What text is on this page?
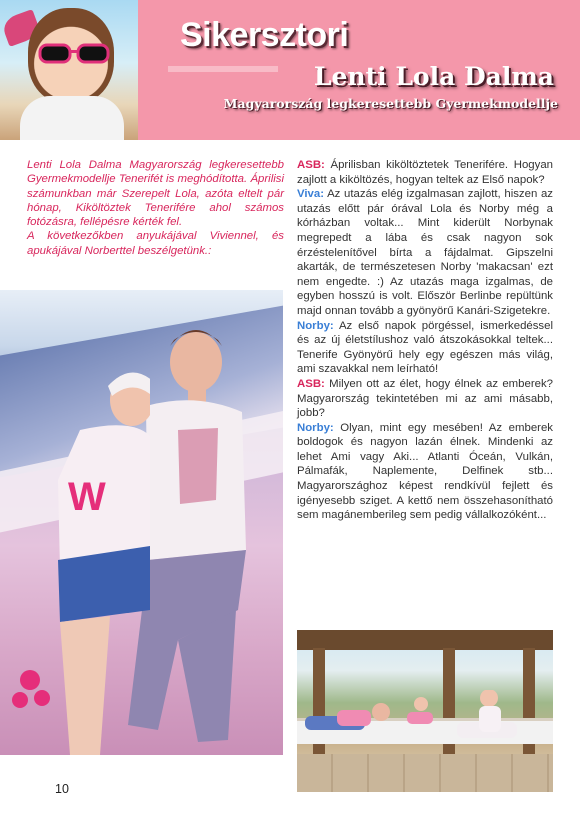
Sikersztori
Lenti Lola Dalma
Magyarország legkeresettebb Gyermekmodellje

Lenti Lola Dalma Magyarország legkeresettebb Gyermekmodellje Tenerifét is meghódította. Áprilisi számunkban már Szerepelt Lola, azóta eltelt pár hónap, Kiköltöztek Tenerifére ahol számos fotózásra, fellépésre kérték fel.

A következőkben anyukájával Viviennel, és apukájával Norberttel beszélgetünk.:

W

ASB: Áprilisban kiköltöztetek Tenerifére. Hogyan zajlott a kiköltözés, hogyan teltek az Első napok?

Viva: Az utazás elég izgalmasan zajlott, hiszen az utazás előtt pár órával Lola és Norby még a kórházban voltak... Mint kiderült Norbynak megrepedt a lába és csak nagyon sok érzéstelenítővel bírta a fájdalmat. Gipszelni akarták, de természetesen Norby 'makacsan' ezt nem engedte. :) Az utazás maga izgalmas, de egyben hosszú is volt. Először Berlinbe repültünk majd onnan tovább a gyönyörű Kanári-Szigetekre.

Norby: Az első napok pörgéssel, ismerkedéssel és az új életstílushoz való átszokásokkal teltek... Tenerife Gyönyörű hely egy egészen más világ, ami szavakkal nem leírható!

ASB: Milyen ott az élet, hogy élnek az emberek? Magyarország tekintetében mi az ami másabb, jobb?

Norby: Olyan, mint egy mesében! Az emberek boldogok és nagyon lazán élnek. Mindenki az lehet Ami vagy Aki... Atlanti Óceán, Vulkán, Pálmafák, Naplemente, Delfinek stb... Magyarországhoz képest rendkívül fejlett és igényesebb sziget. A kettő nem összehasonítható sem magánemberileg sem pedig vállalkozóként...

10
